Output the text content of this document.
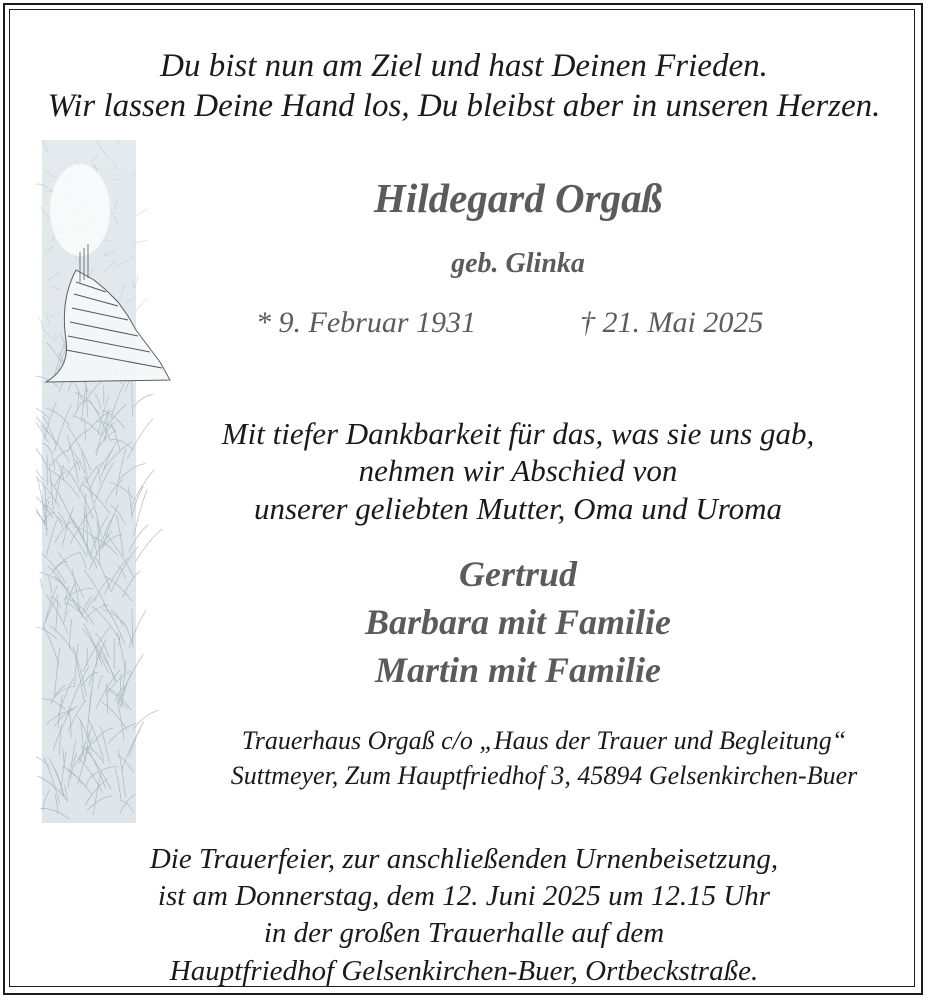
Du bist nun am Ziel und hast Deinen Frieden.
Wir lassen Deine Hand los, Du bleibst aber in unseren Herzen.
Hildegard Orgaß
geb. Glinka
* 9. Februar 1931	† 21. Mai 2025
Mit tiefer Dankbarkeit für das, was sie uns gab,
nehmen wir Abschied von
unserer geliebten Mutter, Oma und Uroma
Gertrud
Barbara mit Familie
Martin mit Familie
Trauerhaus Orgaß c/o „Haus der Trauer und Begleitung“
Suttmeyer, Zum Hauptfriedhof 3, 45894 Gelsenkirchen-Buer
Die Trauerfeier, zur anschließenden Urnenbeisetzung,
ist am Donnerstag, dem 12. Juni 2025 um 12.15 Uhr
in der großen Trauerhalle auf dem
Hauptfriedhof Gelsenkirchen-Buer, Ortbeckstraße.
